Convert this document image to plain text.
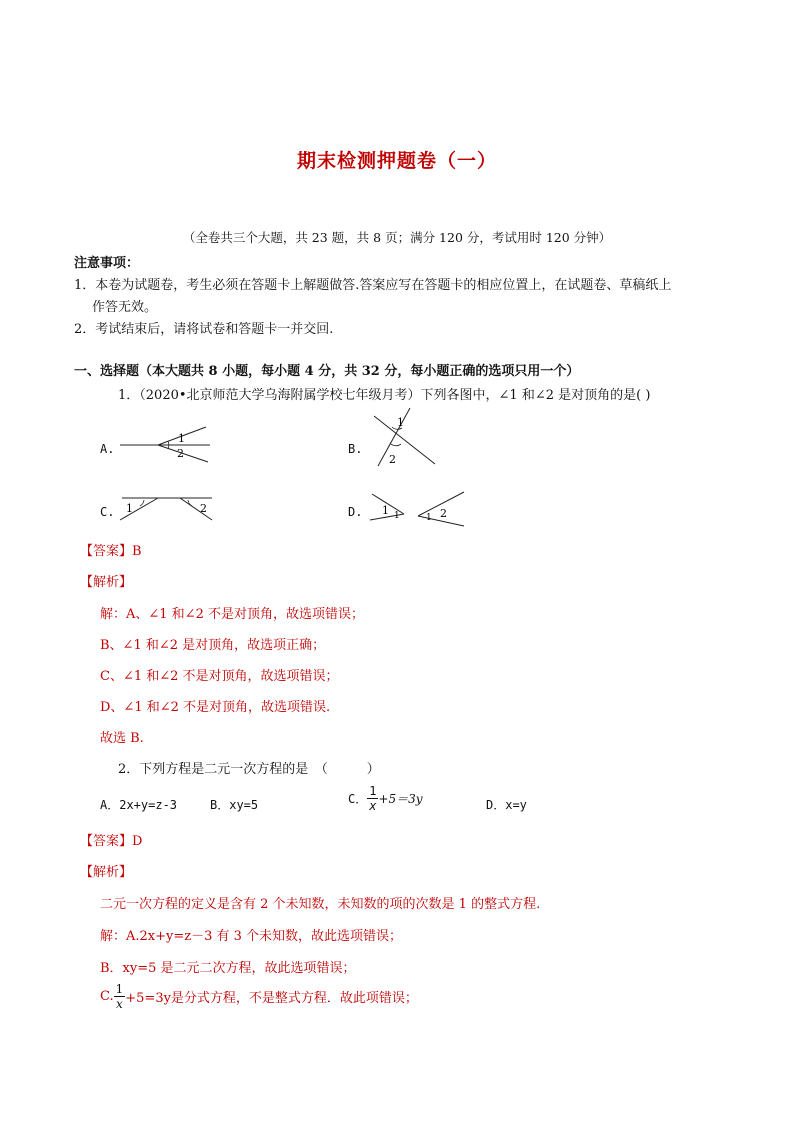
期末检测押题卷（一）
（全卷共三个大题，共 23 题，共 8 页；满分 120 分，考试用时 120 分钟）
注意事项：
1．本卷为试题卷，考生必须在答题卡上解题做答.答案应写在答题卡的相应位置上，在试题卷、草稿纸上
作答无效。
2．考试结束后，请将试卷和答题卡一并交回.
一、选择题（本大题共 8 小题，每小题 4 分，共 32 分，每小题正确的选项只用一个）
1．（2020•北京师范大学乌海附属学校七年级月考）下列各图中，∠1 和∠2 是对顶角的是( )
A.
1
2	B.
1
2
C. 1	2	D. 1 1	1 2
【答案】B
【解析】
解：A、∠1 和∠2 不是对顶角，故选项错误；
B、∠1 和∠2 是对顶角，故选项正确；
C、∠1 和∠2 不是对顶角，故选项错误；
D、∠1 和∠2 不是对顶角，故选项错误.
故选 B.
2．下列方程是二元一次方程的是　（　　　）
A．2x+y=z-3	B．xy=5	C． $\frac{1}{x} +5=3y$	D．x=y
【答案】D
【解析】
二元一次方程的定义是含有 2 个未知数，未知数的项的次数是 1 的整式方程.
解：A.2x+y=z－3 有 3 个未知数，故此选项错误；
B．xy=5 是二元二次方程，故此选项错误；
C. $\frac{1}{x} +5=3y$是分式方程，不是整式方程．故此项错误；
